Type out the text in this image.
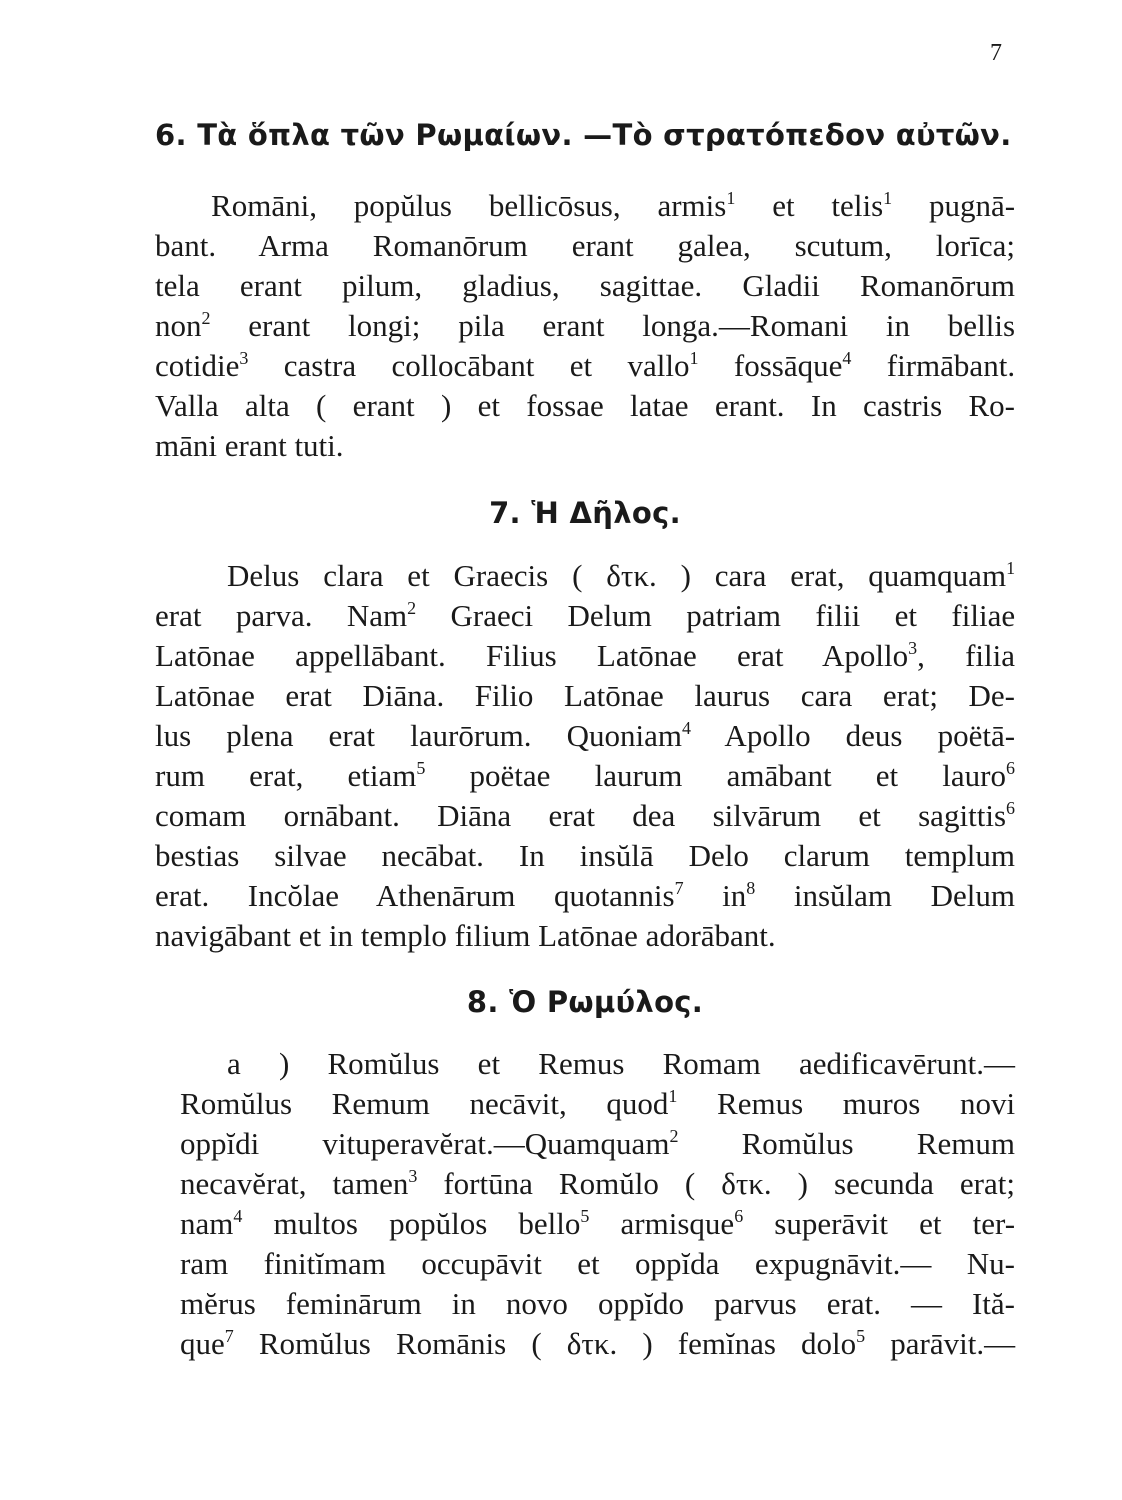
7
6. Τὰ ὅπλα τῶν Ρωμαίων. —Τὸ στρατόπεδον αὐτῶν.
Romāni, popŭlus bellicōsus, armis$^1$ et telis$^1$ pugnā-
bant. Arma Romanōrum erant galea, scutum, lorīca;
tela erant pilum, gladius, sagittae. Gladii Romanōrum
non$^2$ erant longi; pila erant longa.—Romani in bellis
cotidie$^3$ castra collocābant et vallo$^1$ fossāque$^4$ firmābant.
Valla alta ( erant ) et fossae latae erant. In castris Ro-
māni erant tuti.
7. Ἡ Δῆλος.
Delus clara et Graecis ( δτκ. ) cara erat, quamquam$^1$
erat parva. Nam$^2$ Graeci Delum patriam filii et filiae
Latōnae appellābant. Filius Latōnae erat Apollo$^3$, filia
Latōnae erat Diāna. Filio Latōnae laurus cara erat; De-
lus plena erat laurōrum. Quoniam$^4$ Apollo deus poëtā-
rum erat, etiam$^5$ poëtae laurum amābant et lauro$^6$
comam ornābant. Diāna erat dea silvārum et sagittis$^6$
bestias silvae necābat. In insŭlā Delo clarum templum
erat. Incŏlae Athenārum quotannis$^7$ $in^8$ insŭlam Delum
navigābant et in templo filium Latōnae adorābant.
8. Ὁ Ρωμύλος.
a ) Romŭlus et Remus Romam aedificavērunt.—
Romŭlus Remum necāvit, quod$^1$ Remus muros novi
oppĭdi vituperavĕrat.—Quamquam$^2$ Romŭlus Remum
necavĕrat, tamen$^3$ fortūna Romŭlo ( δτκ. ) secunda erat;
nam$^4$ multos popŭlos bello$^5$ armisque$^6$ superāvit et ter-
ram finitĭmam occupāvit et oppĭda expugnāvit.— Nu-
mĕrus feminārum in novo oppĭdo parvus erat. — Ită-
que$^7$ Romŭlus Romānis ( δτκ. ) femĭnas dolo$^5$ parāvit.—
